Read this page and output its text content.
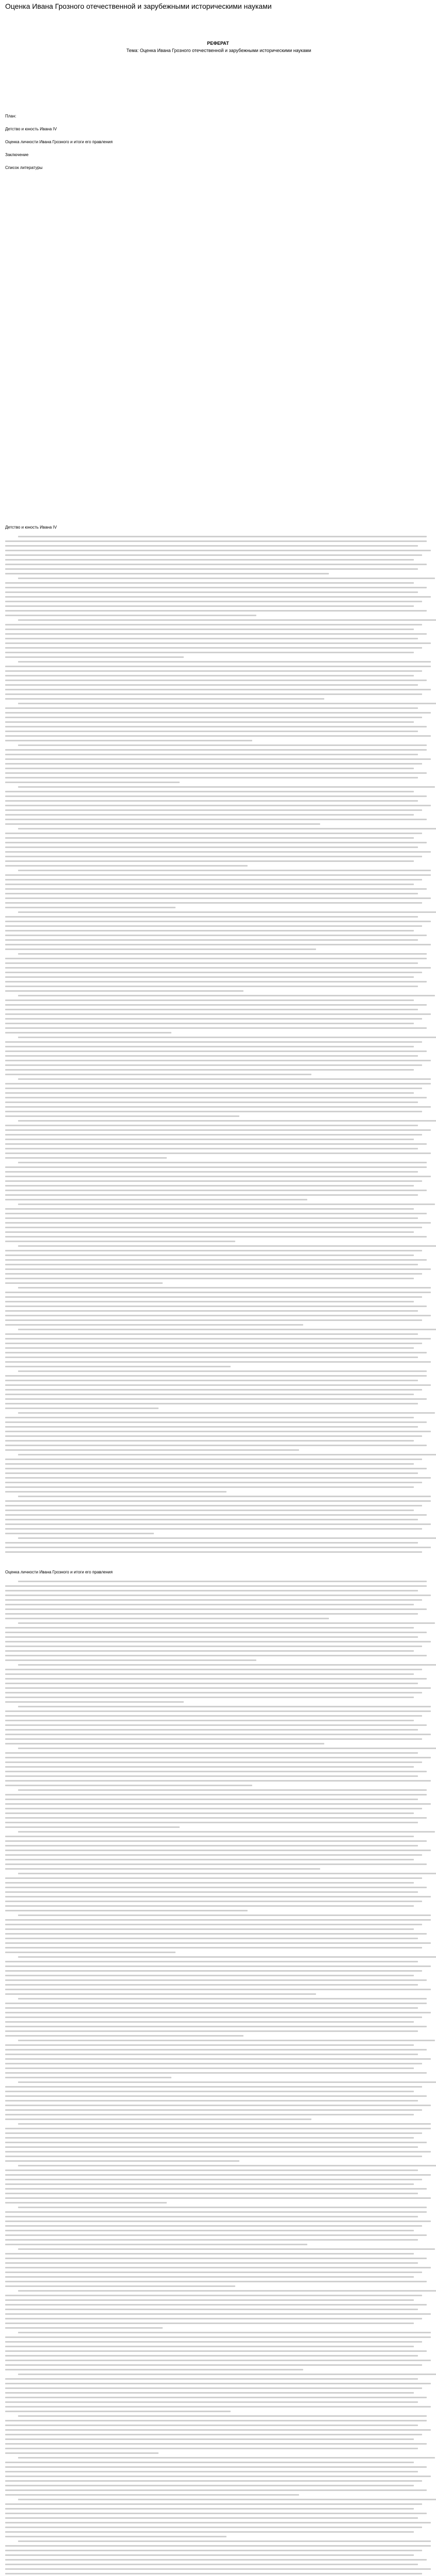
Оценка Ивана Грозного отечественной и зарубежными историческими науками
РЕФЕРАТ
Тема: Оценка Ивана Грозного отечественной и зарубежными историческими науками
План:
Детство и юность Ивана IV
Оценка личности Ивана Грозного и итоги его правления
Заключение
Список литературы
Детство и юность Ивана IV
Оценка личности Ивана Грозного и итоги его правления
